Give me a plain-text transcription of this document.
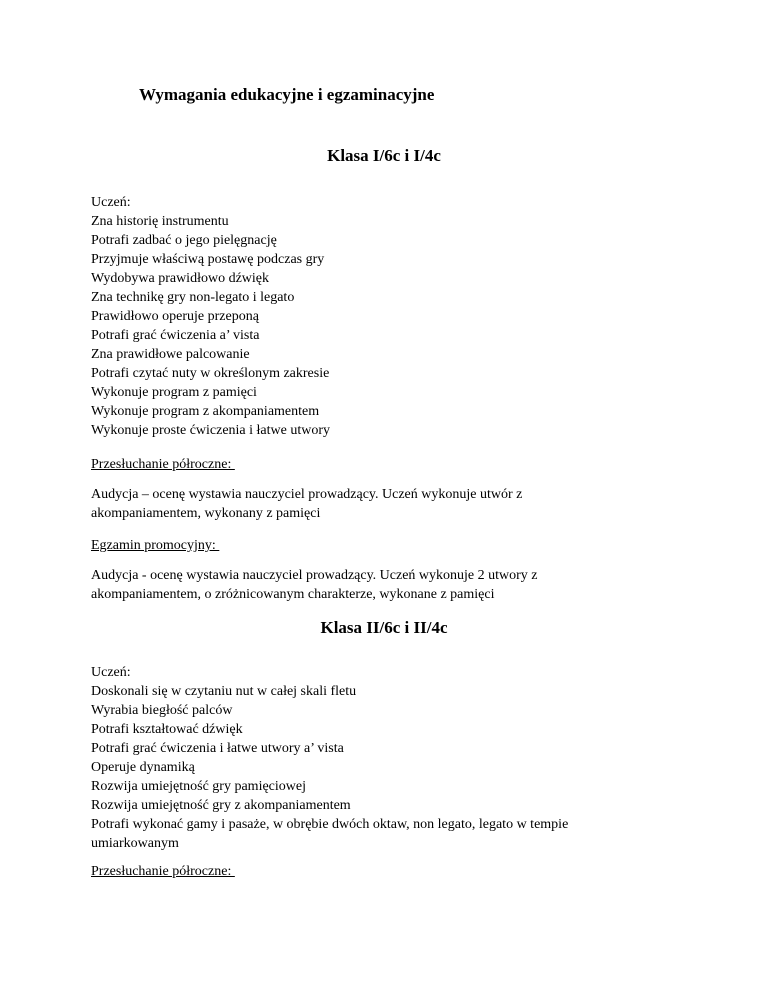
Wymagania edukacyjne i egzaminacyjne
Klasa I/6c i I/4c
Uczeń:
Zna historię instrumentu
Potrafi zadbać o jego pielęgnację
Przyjmuje właściwą postawę podczas gry
Wydobywa prawidłowo dźwięk
Zna technikę gry non-legato i legato
Prawidłowo operuje przeponą
Potrafi grać ćwiczenia a’ vista
Zna prawidłowe palcowanie
Potrafi czytać nuty w określonym zakresie
Wykonuje program z pamięci
Wykonuje program z akompaniamentem
Wykonuje proste ćwiczenia i łatwe utwory
Przesłuchanie półroczne:
Audycja – ocenę wystawia nauczyciel prowadzący. Uczeń wykonuje utwór z
akompaniamentem, wykonany z pamięci
Egzamin promocyjny:
Audycja - ocenę wystawia nauczyciel prowadzący. Uczeń wykonuje 2 utwory z
akompaniamentem, o zróżnicowanym charakterze, wykonane z pamięci
Klasa II/6c i II/4c
Uczeń:
Doskonali się w czytaniu nut w całej skali fletu
Wyrabia biegłość palców
Potrafi kształtować dźwięk
Potrafi grać ćwiczenia i łatwe utwory a’ vista
Operuje dynamiką
Rozwija umiejętność gry pamięciowej
Rozwija umiejętność gry z akompaniamentem
Potrafi wykonać gamy i pasaże, w obrębie dwóch oktaw, non legato, legato w tempie
umiarkowanym
Przesłuchanie półroczne:
